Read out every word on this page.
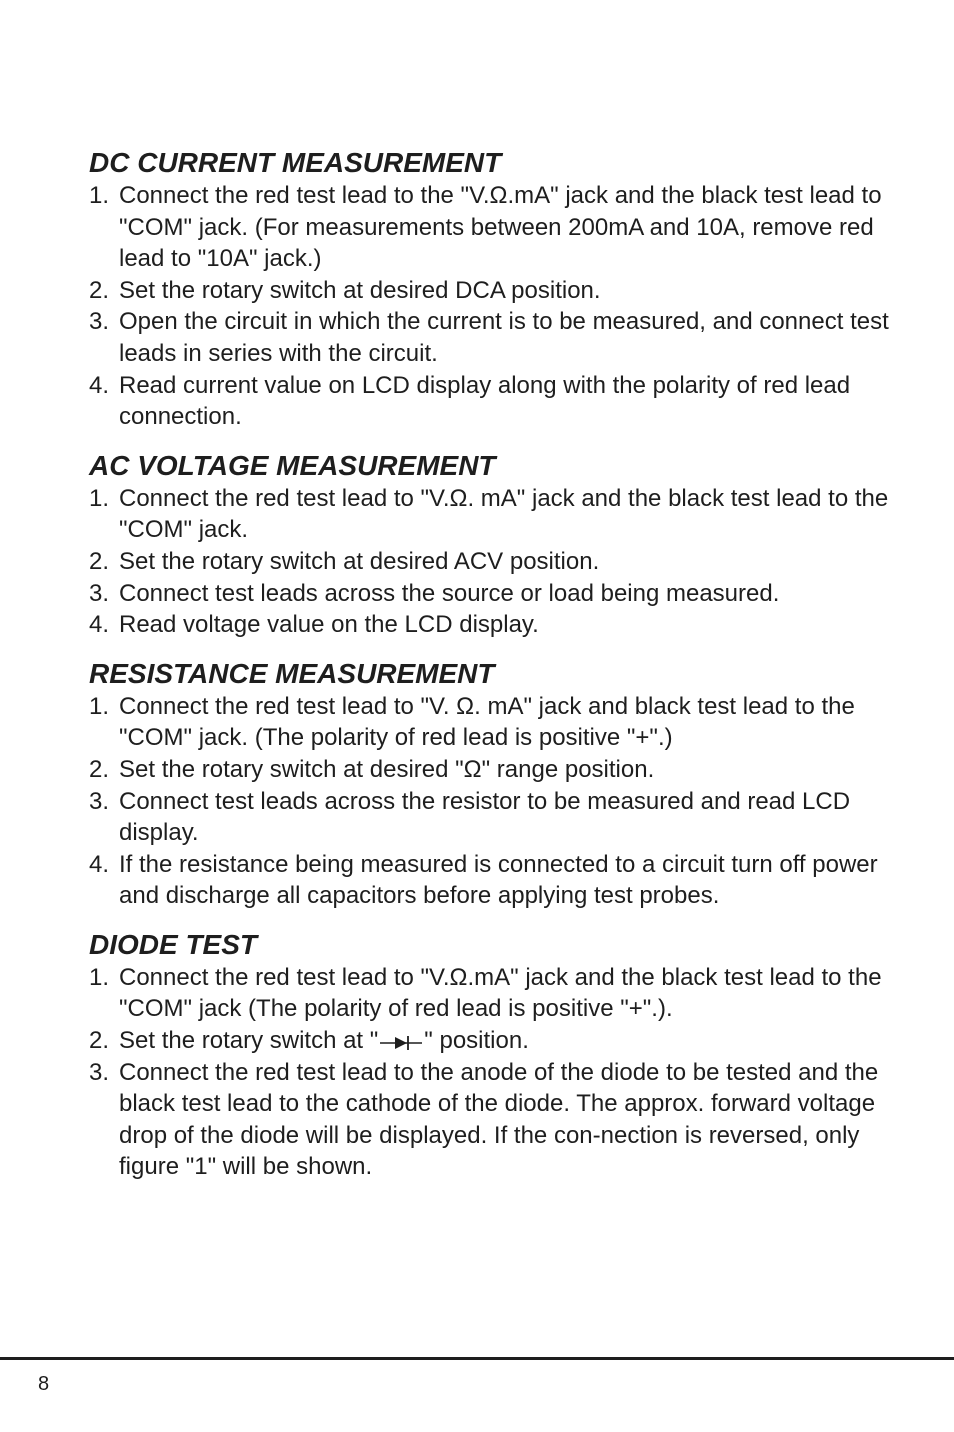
DC CURRENT MEASUREMENT
1. Connect the red test lead to the "V.Ω.mA" jack and the black test lead to "COM" jack. (For measurements between 200mA and 10A, remove red lead to "10A" jack.)
2. Set the rotary switch at desired DCA position.
3. Open the circuit in which the current is to be measured, and connect test leads in series with the circuit.
4. Read current value on LCD display along with the polarity of red lead connection.
AC VOLTAGE MEASUREMENT
1. Connect the red test lead to "V.Ω. mA" jack and the black test lead to the "COM" jack.
2. Set the rotary switch at desired ACV position.
3. Connect test leads across the source or load being measured.
4. Read voltage value on the LCD display.
RESISTANCE MEASUREMENT
1. Connect the red test lead to "V. Ω. mA" jack and black test lead to the "COM" jack. (The polarity of red lead is positive "+".)
2. Set the rotary switch at desired "Ω" range position.
3. Connect test leads across the resistor to be measured and read LCD display.
4. If the resistance being measured is connected to a circuit turn off power and discharge all capacitors before applying test probes.
DIODE TEST
1. Connect the red test lead to "V.Ω.mA" jack and the black test lead to the "COM" jack (The polarity of red lead is positive "+".).
2. Set the rotary switch at " " position.
3. Connect the red test lead to the anode of the diode to be tested and the black test lead to the cathode of the diode. The approx. forward voltage drop of the diode will be displayed. If the con-nection is reversed, only figure "1" will be shown.
8
